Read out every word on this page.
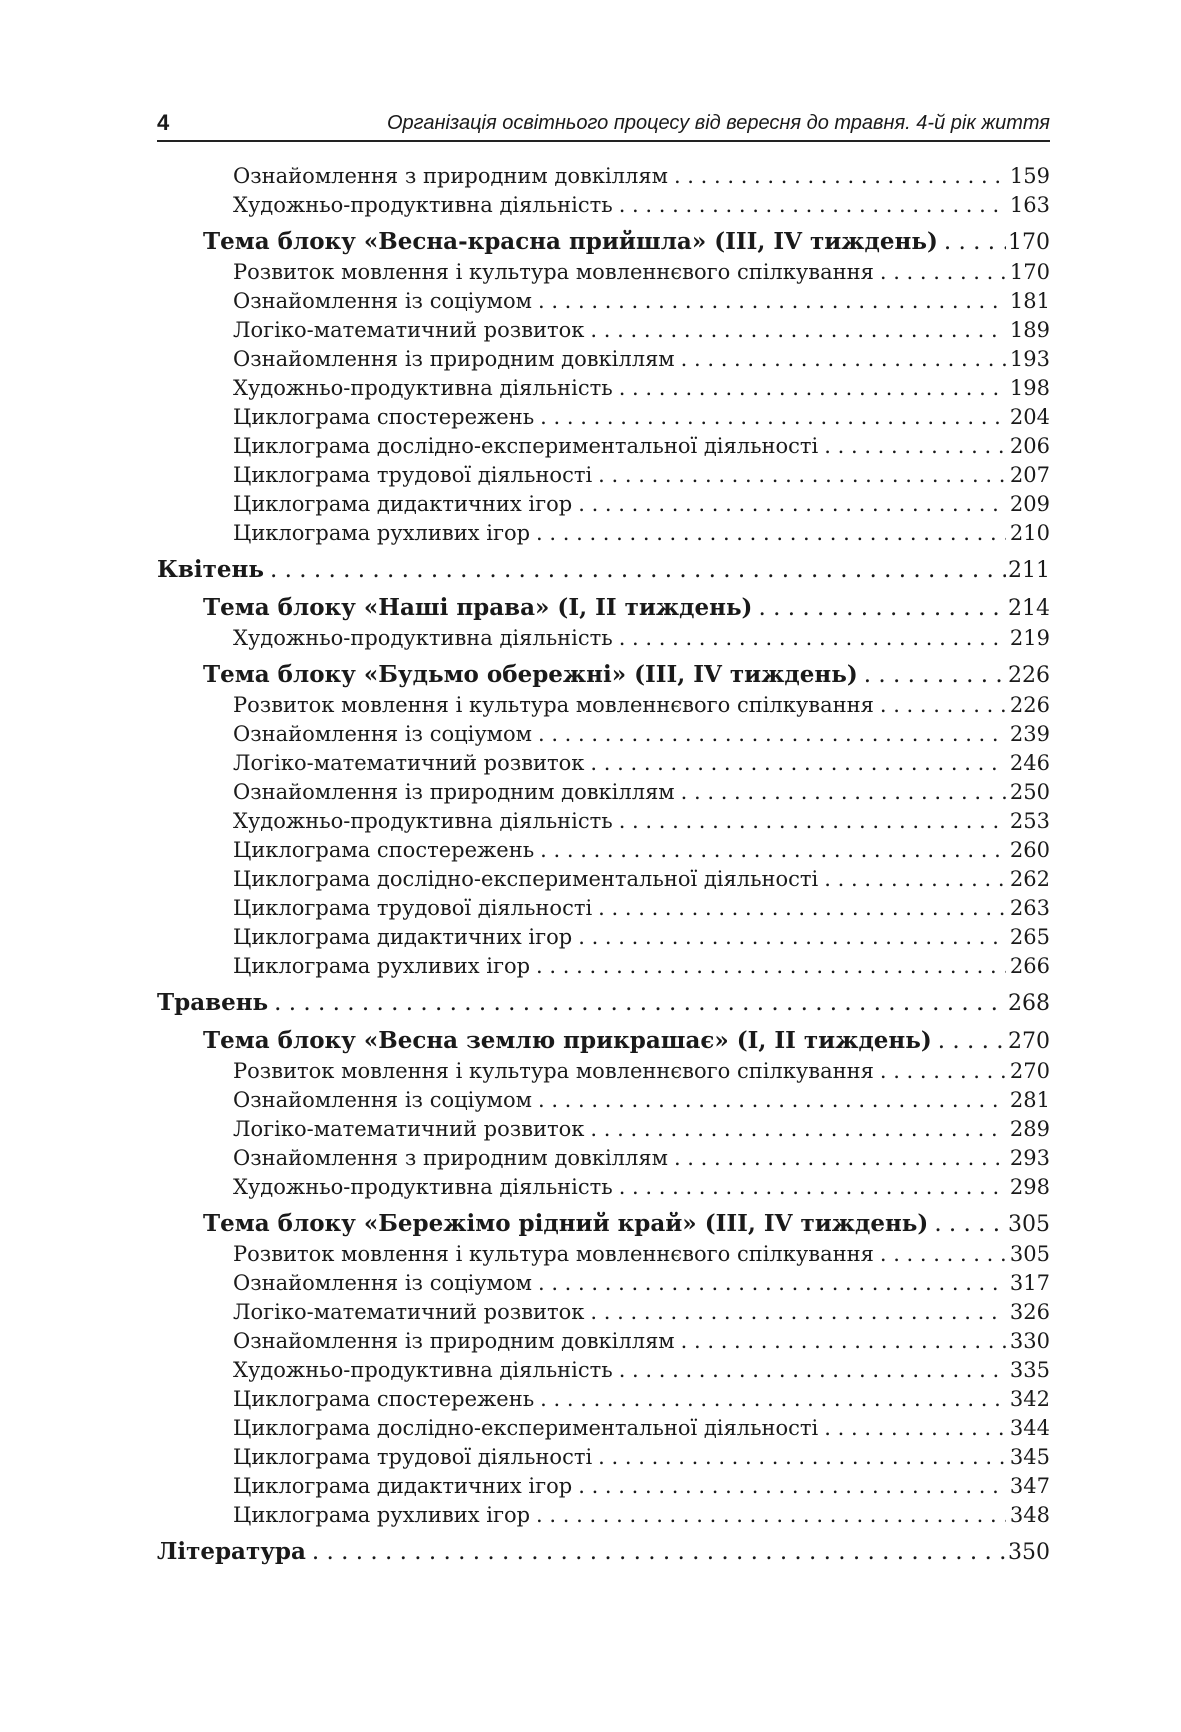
4	Організація освітнього процесу від вересня до травня. 4-й рік життя
Ознайомлення з природним довкіллям . . .	159
Художньо-продуктивна діяльність . . .	163
Тема блоку «Весна-красна прийшла» (ІІІ, ІV тиждень) . . .	170
Розвиток мовлення і культура мовленнєвого спілкування . . .	170
Ознайомлення із соціумом . . .	181
Логіко-математичний розвиток . . .	189
Ознайомлення із природним довкіллям . . .	193
Художньо-продуктивна діяльність . . .	198
Циклограма спостережень . . .	204
Циклограма дослідно-експериментальної діяльності . . .	206
Циклограма трудової діяльності . . .	207
Циклограма дидактичних ігор . . .	209
Циклограма рухливих ігор . . .	210
Квітень . . .	211
Тема блоку «Наші права» (І, ІІ тиждень) . . .	214
Художньо-продуктивна діяльність . . .	219
Тема блоку «Будьмо обережні» (ІІІ, ІV тиждень) . . .	226
Розвиток мовлення і культура мовленнєвого спілкування . . .	226
Ознайомлення із соціумом . . .	239
Логіко-математичний розвиток . . .	246
Ознайомлення із природним довкіллям . . .	250
Художньо-продуктивна діяльність . . .	253
Циклограма спостережень . . .	260
Циклограма дослідно-експериментальної діяльності . . .	262
Циклограма трудової діяльності . . .	263
Циклограма дидактичних ігор . . .	265
Циклограма рухливих ігор . . .	266
Травень . . .	268
Тема блоку «Весна землю прикрашає» (І, ІІ тиждень) . . .	270
Розвиток мовлення і культура мовленнєвого спілкування . . .	270
Ознайомлення із соціумом . . .	281
Логіко-математичний розвиток . . .	289
Ознайомлення з природним довкіллям . . .	293
Художньо-продуктивна діяльність . . .	298
Тема блоку «Бережімо рідний край» (ІІІ, ІV тиждень) . . .	305
Розвиток мовлення і культура мовленнєвого спілкування . . .	305
Ознайомлення із соціумом . . .	317
Логіко-математичний розвиток . . .	326
Ознайомлення із природним довкіллям . . .	330
Художньо-продуктивна діяльність . . .	335
Циклограма спостережень . . .	342
Циклограма дослідно-експериментальної діяльності . . .	344
Циклограма трудової діяльності . . .	345
Циклограма дидактичних ігор . . .	347
Циклограма рухливих ігор . . .	348
Література . . .	350
